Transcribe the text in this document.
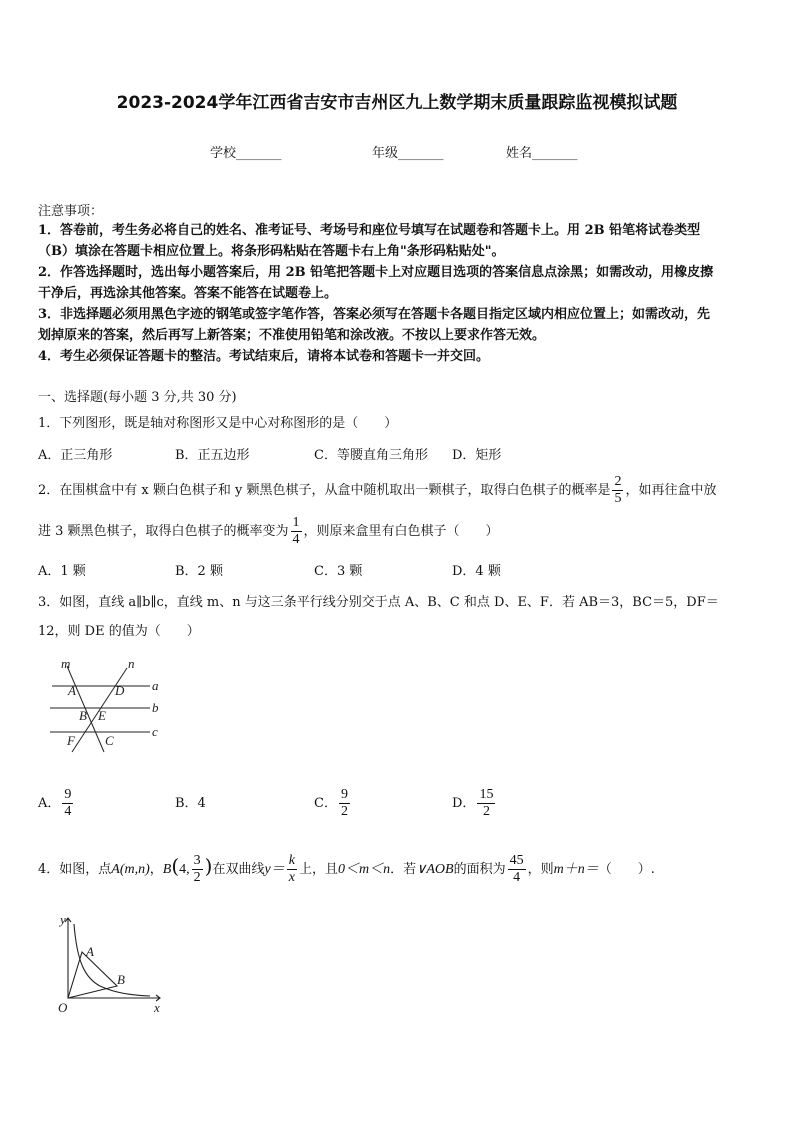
2023-2024学年江西省吉安市吉州区九上数学期末质量跟踪监视模拟试题
学校_______	年级_______	姓名_______
注意事项：
1．答卷前，考生务必将自己的姓名、准考证号、考场号和座位号填写在试题卷和答题卡上。用 2B 铅笔将试卷类型
（B）填涂在答题卡相应位置上。将条形码粘贴在答题卡右上角"条形码粘贴处"。
2．作答选择题时，选出每小题答案后，用 2B 铅笔把答题卡上对应题目选项的答案信息点涂黑；如需改动，用橡皮擦
干净后，再选涂其他答案。答案不能答在试题卷上。
3．非选择题必须用黑色字迹的钢笔或签字笔作答，答案必须写在答题卡各题目指定区域内相应位置上；如需改动，先
划掉原来的答案，然后再写上新答案；不准使用铅笔和涂改液。不按以上要求作答无效。
4．考生必须保证答题卡的整洁。考试结束后，请将本试卷和答题卡一并交回。
一、选择题(每小题 3 分,共 30 分)
1．下列图形，既是轴对称图形又是中心对称图形的是（　　）
A．正三角形	B．正五边形	C．等腰直角三角形 D．矩形
2．在围棋盒中有 x 颗白色棋子和 y 颗黑色棋子，从盒中随机取出一颗棋子，取得白色棋子的概率是 $\frac{2}{5}$ ，如再往盒中放
进 3 颗黑色棋子，取得白色棋子的概率变为 $\frac{1}{4}$ ，则原来盒里有白色棋子（　　）
A．1 颗	B．2 颗	C．3 颗	D．4 颗
3．如图，直线 a∥b∥c，直线 m、n 与这三条平行线分别交于点 A、B、C 和点 D、E、F．若 AB＝3，BC＝5，DF＝
12，则 DE 的值为（　　）
m	n
a
b
c
A	D
B E
F C
A． $\frac{9}{4}$	B．4	C． $\frac{9}{2}$	D． $\frac{15}{2}$
4．如图，点A(m,n)，B(4, $\frac{3}{2}$ )在双曲线$y= \frac{k}{x}$ 上，且0＜m＜n．若∨AOB的面积为 $\frac{45}{4}$ ，则m＋n＝（　　）.
y
x
O
A
B
